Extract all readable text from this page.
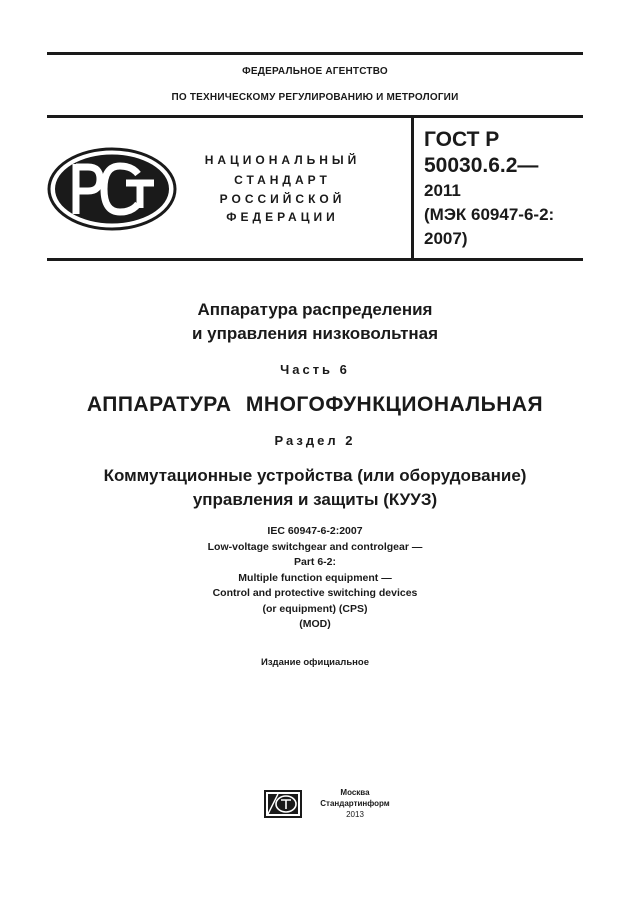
ФЕДЕРАЛЬНОЕ АГЕНТСТВО
ПО ТЕХНИЧЕСКОМУ РЕГУЛИРОВАНИЮ И МЕТРОЛОГИИ
НАЦИОНАЛЬНЫЙ
СТАНДАРТ
РОССИЙСКОЙ
ФЕДЕРАЦИИ
ГОСТ Р
50030.6.2—
2011
(МЭК 60947-6-2:
2007)
Аппаратура распределения
и управления низковольтная
Часть 6
АППАРАТУРА МНОГОФУНКЦИОНАЛЬНАЯ
Раздел 2
Коммутационные устройства (или оборудование)
управления и защиты (КУУЗ)
IEC 60947-6-2:2007
Low-voltage switchgear and controlgear —
Part 6-2:
Multiple function equipment —
Control and protective switching devices
(or equipment) (CPS)
(MOD)
Издание официальное
Москва
Стандартинформ
2013
